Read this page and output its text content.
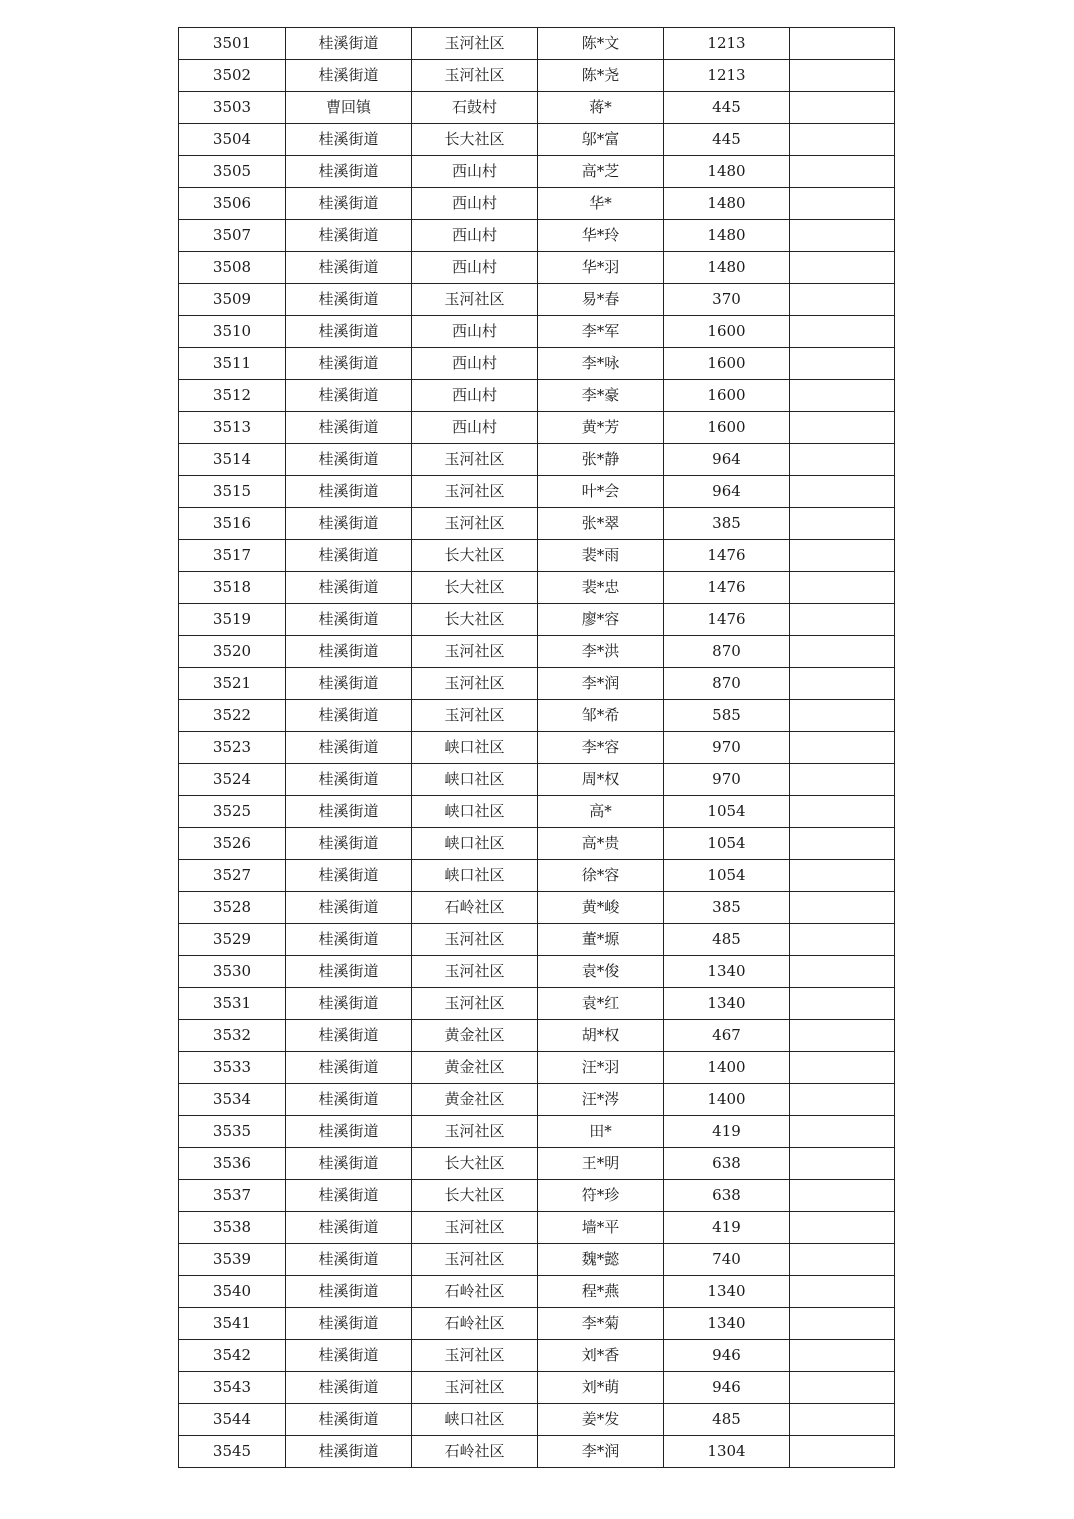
3501	桂溪街道	玉河社区	陈*文	1213	
3502	桂溪街道	玉河社区	陈*尧	1213	
3503	曹回镇	石鼓村	蒋*	445	
3504	桂溪街道	长大社区	邬*富	445	
3505	桂溪街道	西山村	高*芝	1480	
3506	桂溪街道	西山村	华*	1480	
3507	桂溪街道	西山村	华*玲	1480	
3508	桂溪街道	西山村	华*羽	1480	
3509	桂溪街道	玉河社区	易*春	370	
3510	桂溪街道	西山村	李*军	1600	
3511	桂溪街道	西山村	李*咏	1600	
3512	桂溪街道	西山村	李*豪	1600	
3513	桂溪街道	西山村	黄*芳	1600	
3514	桂溪街道	玉河社区	张*静	964	
3515	桂溪街道	玉河社区	叶*会	964	
3516	桂溪街道	玉河社区	张*翠	385	
3517	桂溪街道	长大社区	裴*雨	1476	
3518	桂溪街道	长大社区	裴*忠	1476	
3519	桂溪街道	长大社区	廖*容	1476	
3520	桂溪街道	玉河社区	李*洪	870	
3521	桂溪街道	玉河社区	李*润	870	
3522	桂溪街道	玉河社区	邹*希	585	
3523	桂溪街道	峡口社区	李*容	970	
3524	桂溪街道	峡口社区	周*权	970	
3525	桂溪街道	峡口社区	高*	1054	
3526	桂溪街道	峡口社区	高*贵	1054	
3527	桂溪街道	峡口社区	徐*容	1054	
3528	桂溪街道	石岭社区	黄*峻	385	
3529	桂溪街道	玉河社区	董*塬	485	
3530	桂溪街道	玉河社区	袁*俊	1340	
3531	桂溪街道	玉河社区	袁*红	1340	
3532	桂溪街道	黄金社区	胡*权	467	
3533	桂溪街道	黄金社区	汪*羽	1400	
3534	桂溪街道	黄金社区	汪*涔	1400	
3535	桂溪街道	玉河社区	田*	419	
3536	桂溪街道	长大社区	王*明	638	
3537	桂溪街道	长大社区	符*珍	638	
3538	桂溪街道	玉河社区	墙*平	419	
3539	桂溪街道	玉河社区	魏*懿	740	
3540	桂溪街道	石岭社区	程*燕	1340	
3541	桂溪街道	石岭社区	李*菊	1340	
3542	桂溪街道	玉河社区	刘*香	946	
3543	桂溪街道	玉河社区	刘*萌	946	
3544	桂溪街道	峡口社区	姜*发	485	
3545	桂溪街道	石岭社区	李*润	1304	
